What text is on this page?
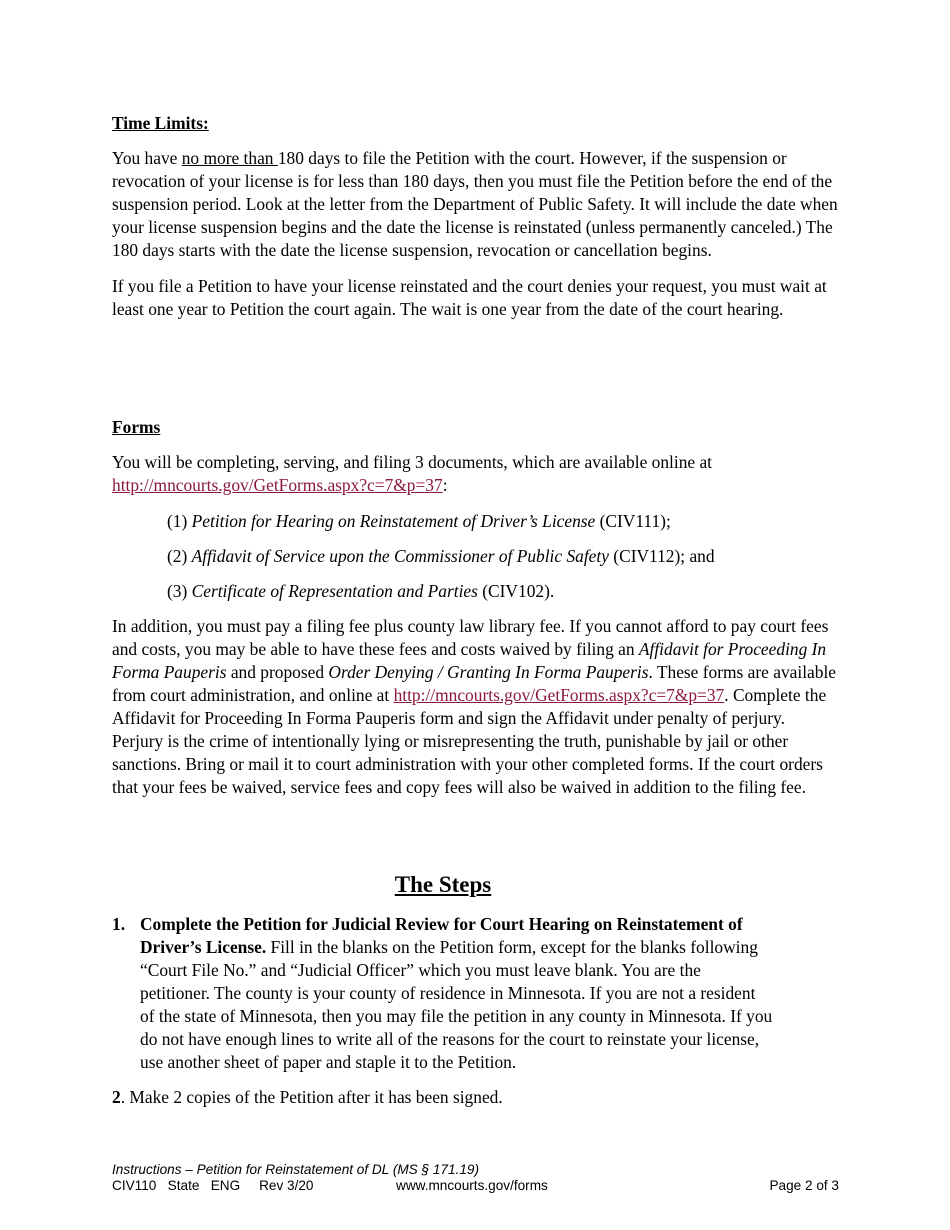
Time Limits:

You have no more than 180 days to file the Petition with the court. However, if the suspension or revocation of your license is for less than 180 days, then you must file the Petition before the end of the suspension period. Look at the letter from the Department of Public Safety. It will include the date when your license suspension begins and the date the license is reinstated (unless permanently canceled.) The 180 days starts with the date the license suspension, revocation or cancellation begins.

If you file a Petition to have your license reinstated and the court denies your request, you must wait at least one year to Petition the court again. The wait is one year from the date of the court hearing.

Forms

You will be completing, serving, and filing 3 documents, which are available online at
http://mncourts.gov/GetForms.aspx?c=7&p=37:

(1) Petition for Hearing on Reinstatement of Driver’s License (CIV111);

(2) Affidavit of Service upon the Commissioner of Public Safety (CIV112); and

(3) Certificate of Representation and Parties (CIV102).

In addition, you must pay a filing fee plus county law library fee. If you cannot afford to pay court fees and costs, you may be able to have these fees and costs waived by filing an Affidavit for Proceeding In Forma Pauperis and proposed Order Denying / Granting In Forma Pauperis. These forms are available from court administration, and online at http://mncourts.gov/GetForms.aspx?c=7&p=37. Complete the Affidavit for Proceeding In Forma Pauperis form and sign the Affidavit under penalty of perjury. Perjury is the crime of intentionally lying or misrepresenting the truth, punishable by jail or other sanctions. Bring or mail it to court administration with your other completed forms. If the court orders that your fees be waived, service fees and copy fees will also be waived in addition to the filing fee.

The Steps

1. Complete the Petition for Judicial Review for Court Hearing on Reinstatement of Driver’s License. Fill in the blanks on the Petition form, except for the blanks following “Court File No.” and “Judicial Officer” which you must leave blank. You are the petitioner. The county is your county of residence in Minnesota. If you are not a resident of the state of Minnesota, then you may file the petition in any county in Minnesota. If you do not have enough lines to write all of the reasons for the court to reinstate your license, use another sheet of paper and staple it to the Petition.
2. Make 2 copies of the Petition after it has been signed.
Instructions – Petition for Reinstatement of DL (MS § 171.19)
CIV110   State   ENG     Rev 3/20	www.mncourts.gov/forms	Page 2 of 3
